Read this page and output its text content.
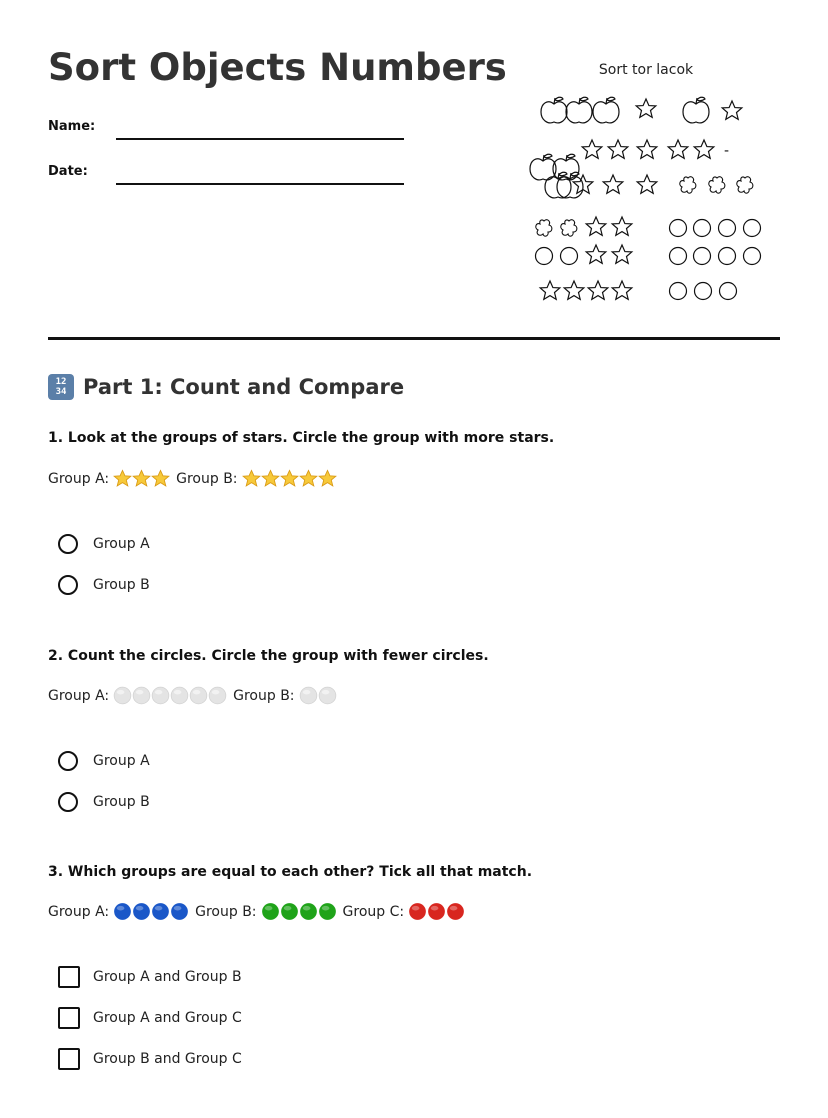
Sort Objects Numbers
Name:
Date:
Sort tor lacok
-
12 34 Part 1: Count and Compare
1. Look at the groups of stars. Circle the group with more stars.
Group A:	Group B:
Group A
Group B
2. Count the circles. Circle the group with fewer circles.
Group A:	Group B:
Group A
Group B
3. Which groups are equal to each other? Tick all that match.
Group A:	Group B:	Group C:
Group A and Group B
Group A and Group C
Group B and Group C
